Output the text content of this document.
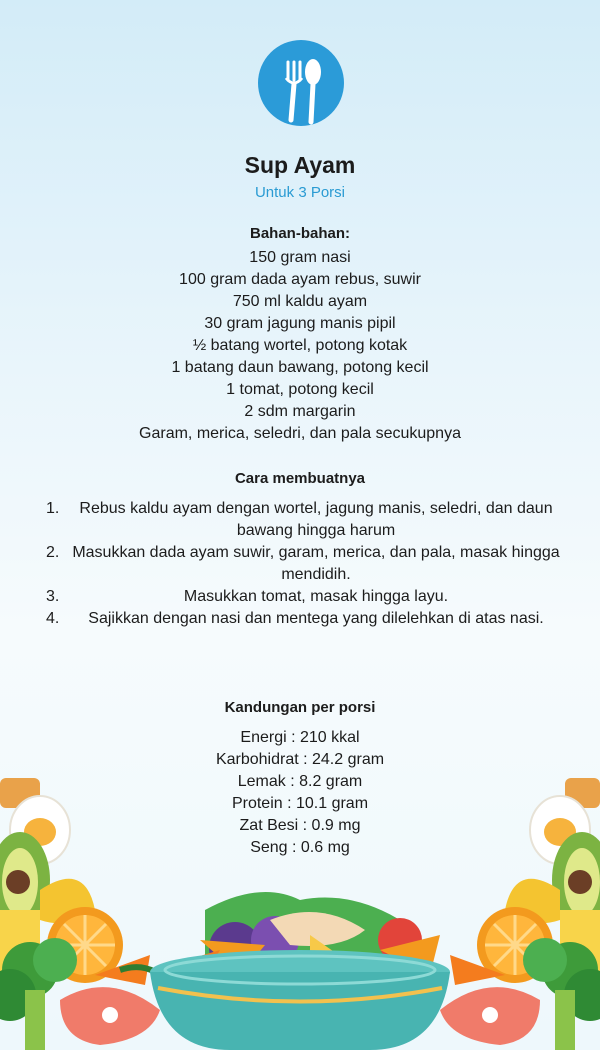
Sup Ayam
Untuk 3 Porsi
Bahan-bahan:
150 gram nasi
100 gram dada ayam rebus, suwir
750 ml kaldu ayam
30 gram jagung manis pipil
½ batang wortel, potong kotak
1 batang daun bawang, potong kecil
1 tomat, potong kecil
2 sdm margarin
Garam, merica, seledri, dan pala secukupnya
Cara membuatnya
1.	Rebus kaldu ayam dengan wortel, jagung manis, seledri, dan daun bawang hingga harum
2. Masukkan dada ayam suwir, garam, merica, dan pala, masak hingga mendidih.
3.	Masukkan tomat, masak hingga layu.
4.	Sajikkan dengan nasi dan mentega yang dilelehkan di atas nasi.
Kandungan per porsi
Energi : 210 kkal
Karbohidrat : 24.2 gram
Lemak : 8.2 gram
Protein : 10.1 gram
Zat Besi : 0.9 mg
Seng : 0.6 mg
